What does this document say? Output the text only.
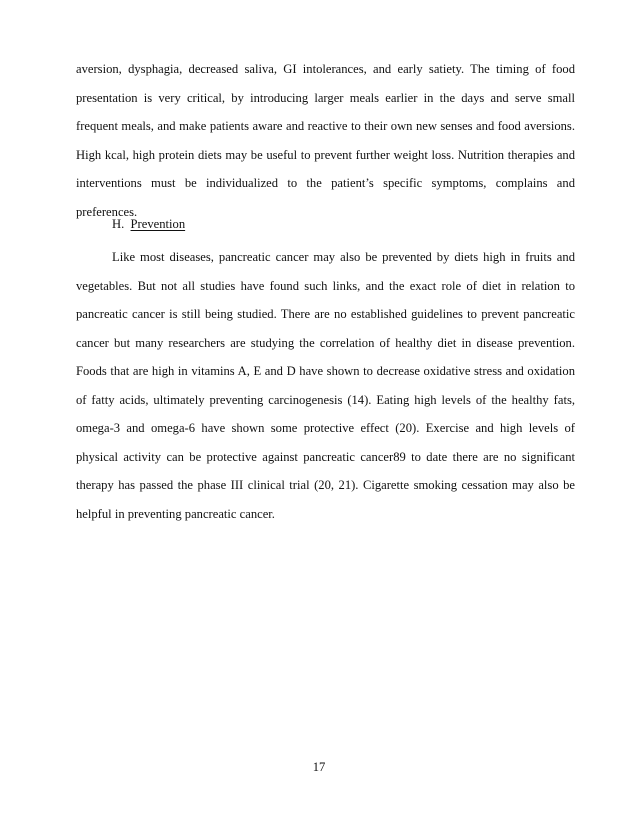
aversion, dysphagia, decreased saliva, GI intolerances, and early satiety. The timing of food presentation is very critical, by introducing larger meals earlier in the days and serve small frequent meals, and make patients aware and reactive to their own new senses and food aversions. High kcal, high protein diets may be useful to prevent further weight loss. Nutrition therapies and interventions must be individualized to the patient’s specific symptoms, complains and preferences.

H. Prevention

Like most diseases, pancreatic cancer may also be prevented by diets high in fruits and vegetables. But not all studies have found such links, and the exact role of diet in relation to pancreatic cancer is still being studied. There are no established guidelines to prevent pancreatic cancer but many researchers are studying the correlation of healthy diet in disease prevention. Foods that are high in vitamins A, E and D have shown to decrease oxidative stress and oxidation of fatty acids, ultimately preventing carcinogenesis (14). Eating high levels of the healthy fats, omega-3 and omega-6 have shown some protective effect (20). Exercise and high levels of physical activity can be protective against pancreatic cancer89 to date there are no significant therapy has passed the phase III clinical trial (20, 21). Cigarette smoking cessation may also be helpful in preventing pancreatic cancer.

17
